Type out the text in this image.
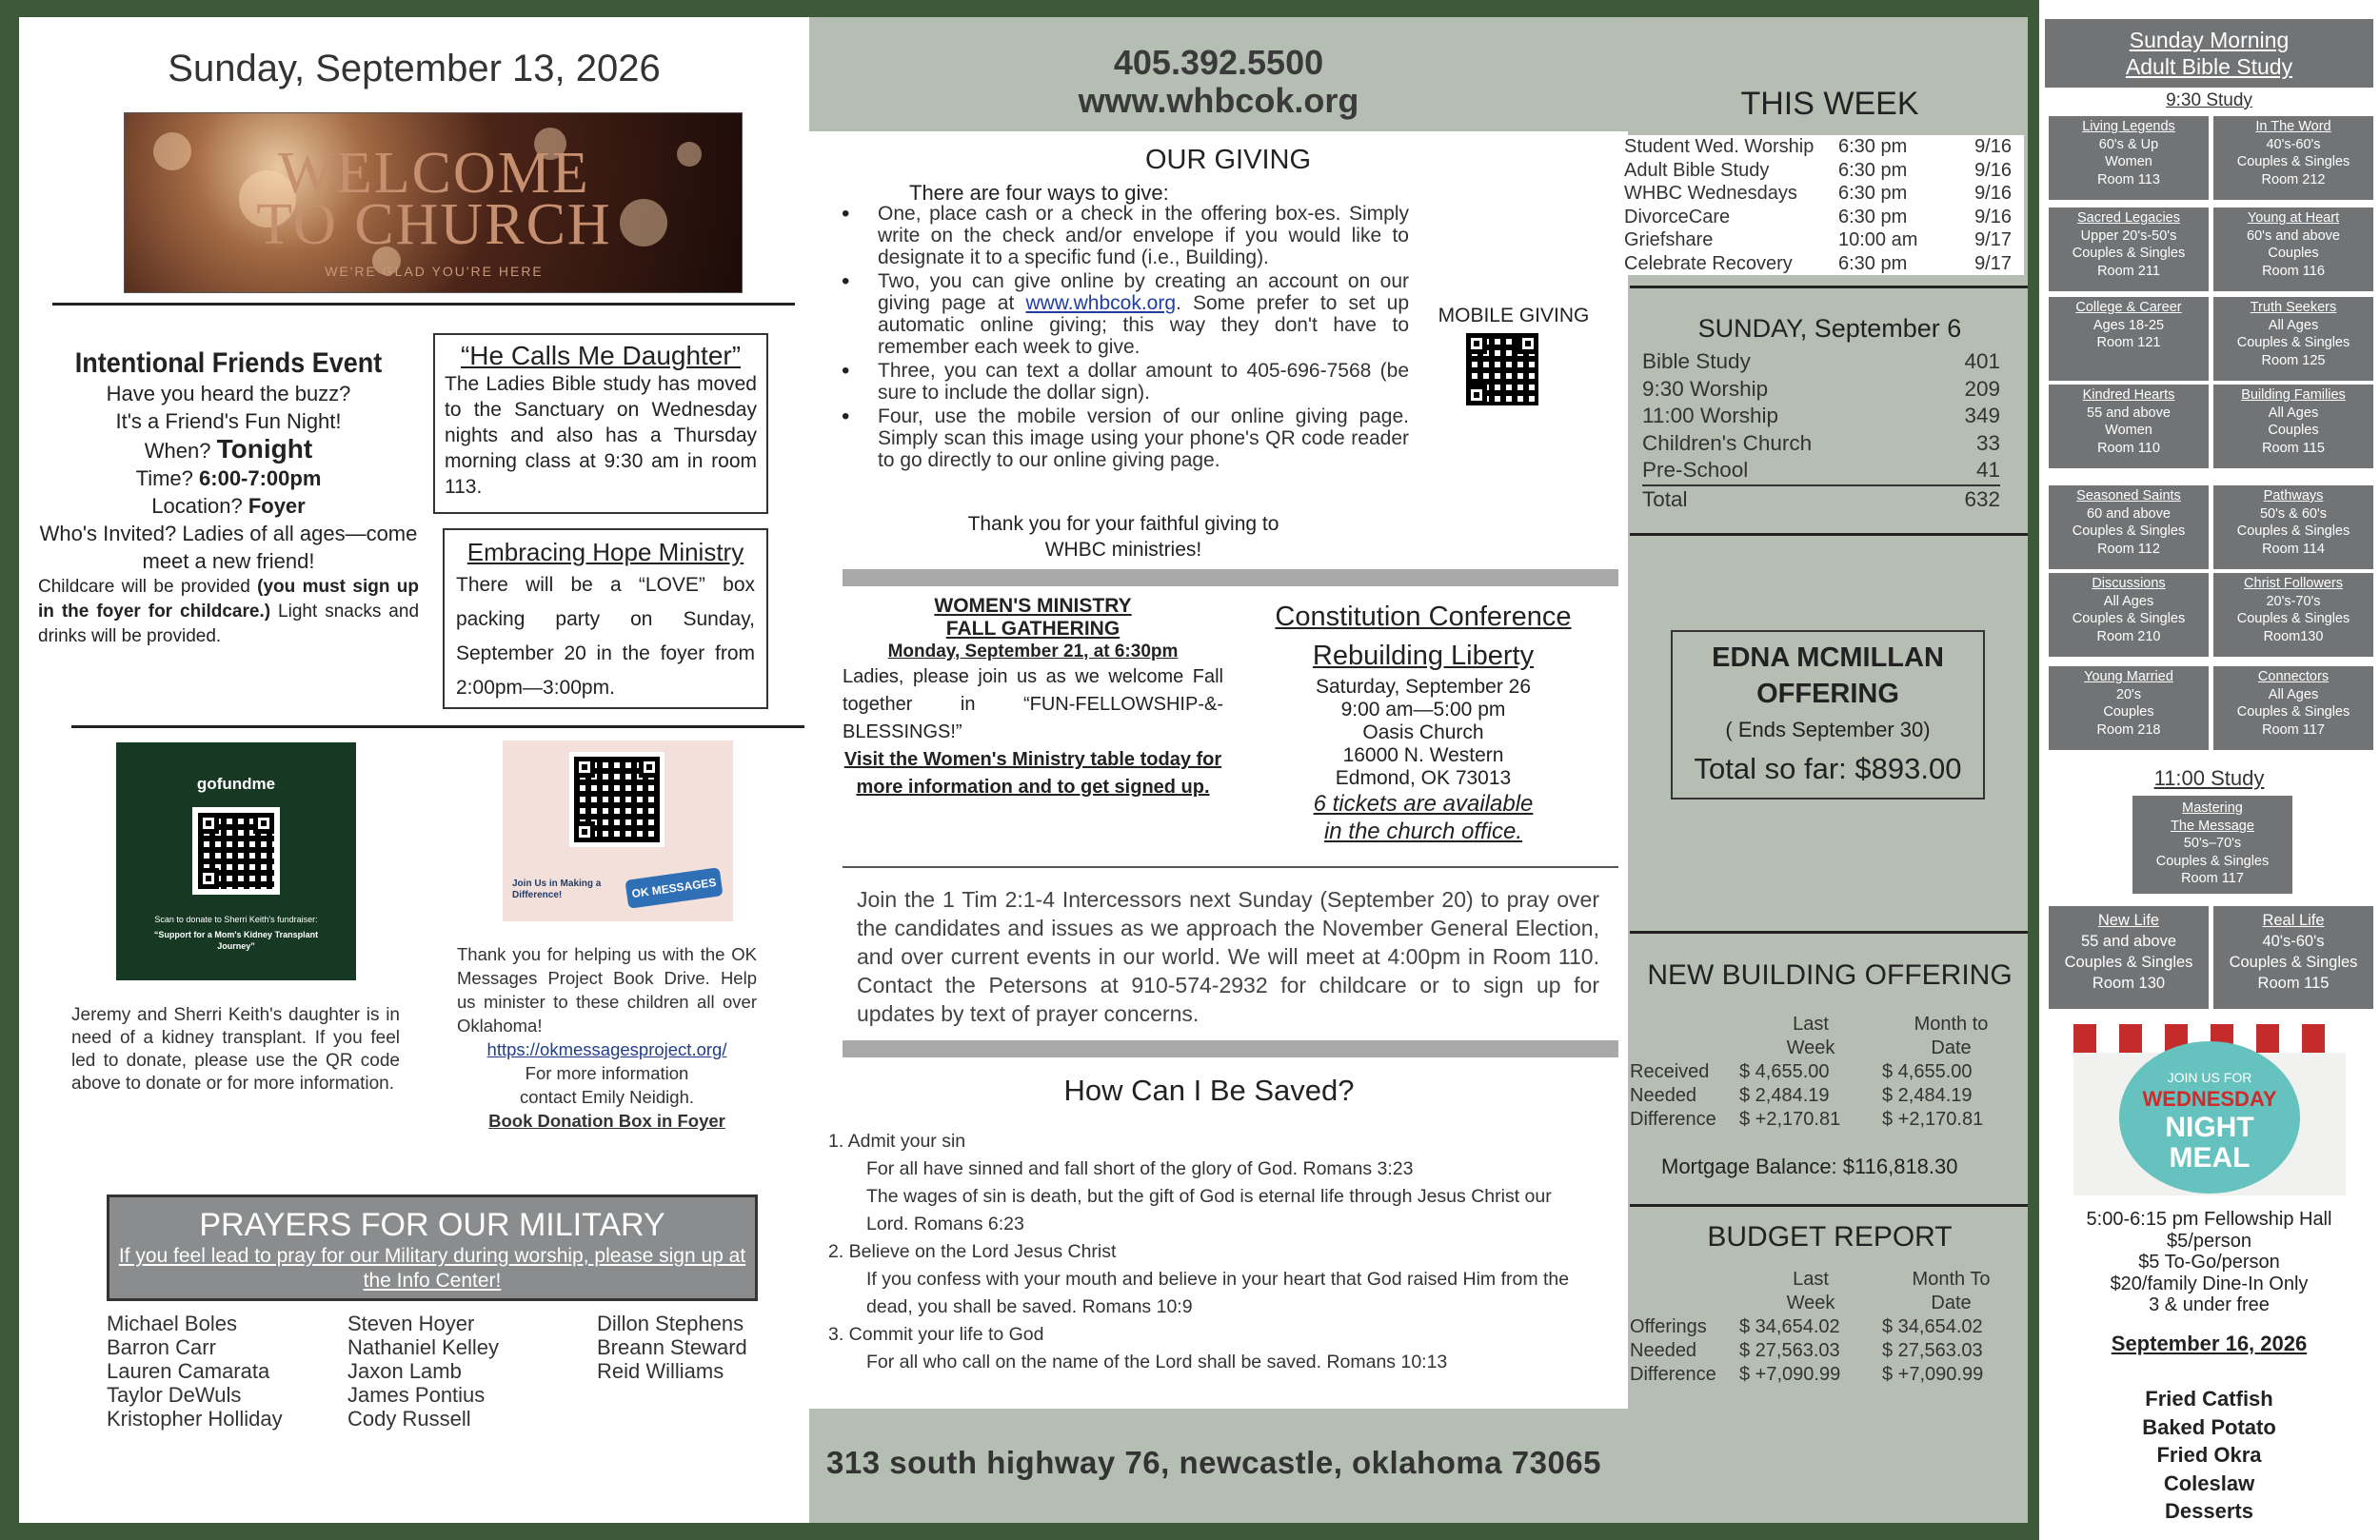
Sunday, September 13, 2026
WELCOME
TO CHURCH
WE'RE GLAD YOU'RE HERE
Intentional Friends Event
Have you heard the buzz?
It's a Friend's Fun Night!
When? Tonight
Time? 6:00-7:00pm
Location? Foyer
Who's Invited? Ladies of all ages—come meet a new friend!
Childcare will be provided (you must sign up in the foyer for childcare.) Light snacks and drinks will be provided.
“He Calls Me Daughter”
The Ladies Bible study has moved to the Sanctuary on Wednesday nights and also has a Thursday morning class at 9:30 am in room 113.
Embracing Hope Ministry
There will be a “LOVE” box packing party on Sunday, September 20 in the foyer from 2:00pm—3:00pm.
gofundme
Scan to donate to Sherri Keith's fundraiser:
“Support for a Mom's Kidney Transplant Journey”
Jeremy and Sherri Keith's daughter is in need of a kidney transplant. If you feel led to donate, please use the QR code above to donate or for more information.
Join Us in Making a Difference!	OK MESSAGES
Thank you for helping us with the OK Messages Project Book Drive. Help us minister to these children all over Oklahoma!
https://okmessagesproject.org/
For more information
contact Emily Neidigh.
Book Donation Box in Foyer
PRAYERS FOR OUR MILITARY
If you feel lead to pray for our Military during worship, please sign up at the Info Center!
Michael Boles
Barron Carr
Lauren Camarata
Taylor DeWuls
Kristopher Holliday
Steven Hoyer
Nathaniel Kelley
Jaxon Lamb
James Pontius
Cody Russell
Dillon Stephens
Breann Steward
Reid Williams
405.392.5500
www.whbcok.org
OUR GIVING
There are four ways to give:
• One, place cash or a check in the offering box-es. Simply write on the check and/or envelope if you would like to designate it to a specific fund (i.e., Building).
• Two, you can give online by creating an account on our giving page at www.whbcok.org. Some prefer to set up automatic online giving; this way they don't have to remember each week to give.
• Three, you can text a dollar amount to 405-696-7568 (be sure to include the dollar sign).
• Four, use the mobile version of our online giving page. Simply scan this image using your phone's QR code reader to go directly to our online giving page.
Thank you for your faithful giving to WHBC ministries!
MOBILE GIVING
WOMEN'S MINISTRY
FALL GATHERING
Monday, September 21, at 6:30pm
Ladies, please join us as we welcome Fall together in “FUN-FELLOWSHIP-&-BLESSINGS!”
Visit the Women's Ministry table today for more information and to get signed up.
Constitution Conference
Rebuilding Liberty
Saturday, September 26
9:00 am—5:00 pm
Oasis Church
16000 N. Western
Edmond, OK 73013
6 tickets are available
in the church office.
Join the 1 Tim 2:1-4 Intercessors next Sunday (September 20) to pray over the candidates and issues as we approach the November General Election, and over current events in our world. We will meet at 4:00pm in Room 110. Contact the Petersons at 910-574-2932 for childcare or to sign up for updates by text of prayer concerns.
How Can I Be Saved?
1. Admit your sin
For all have sinned and fall short of the glory of God. Romans 3:23
The wages of sin is death, but the gift of God is eternal life through Jesus Christ our Lord. Romans 6:23
2. Believe on the Lord Jesus Christ
If you confess with your mouth and believe in your heart that God raised Him from the dead, you shall be saved. Romans 10:9
3. Commit your life to God
For all who call on the name of the Lord shall be saved. Romans 10:13
313 south highway 76, newcastle, oklahoma 73065
THIS WEEK
Student Wed. Worship	6:30 pm	9/16
Adult Bible Study	6:30 pm	9/16
WHBC Wednesdays	6:30 pm	9/16
DivorceCare	6:30 pm	9/16
Griefshare	10:00 am	9/17
Celebrate Recovery	6:30 pm	9/17
SUNDAY, September 6
Bible Study	401
9:30 Worship	209
11:00 Worship	349
Children's Church	33
Pre-School	41
Total	632
EDNA MCMILLAN
OFFERING
( Ends September 30)
Total so far: $893.00
NEW BUILDING OFFERING
Last Week
Month to Date
Received	$ 4,655.00	$ 4,655.00
Needed	$ 2,484.19	$ 2,484.19
Difference	$ +2,170.81	$ +2,170.81
Mortgage Balance: $116,818.30
BUDGET REPORT
Last Week
Month To Date
Offerings	$ 34,654.02	$ 34,654.02
Needed	$ 27,563.03	$ 27,563.03
Difference	$ +7,090.99	$ +7,090.99
Sunday Morning
Adult Bible Study
9:30 Study
Living Legends
60's & Up
Women
Room 113
In The Word
40's-60's
Couples & Singles
Room 212
Sacred Legacies
Upper 20's-50's
Couples & Singles
Room 211
Young at Heart
60's and above
Couples
Room 116
College & Career
Ages 18-25
Room 121
Truth Seekers
All Ages
Couples & Singles
Room 125
Kindred Hearts
55 and above
Women
Room 110
Building Families
All Ages
Couples
Room 115
Seasoned Saints
60 and above
Couples & Singles
Room 112
Pathways
50's & 60's
Couples & Singles
Room 114
Discussions
All Ages
Couples & Singles
Room 210
Christ Followers
20's-70's
Couples & Singles
Room130
Young Married
20's
Couples
Room 218
Connectors
All Ages
Couples & Singles
Room 117
11:00 Study
Mastering
The Message
50's–70's
Couples & Singles
Room 117
New Life
55 and above
Couples & Singles
Room 130
Real Life
40's-60's
Couples & Singles
Room 115
JOIN US FOR
WEDNESDAY
NIGHT
MEAL
5:00-6:15 pm Fellowship Hall
$5/person
$5 To-Go/person
$20/family Dine-In Only
3 & under free
September 16, 2026
Fried Catfish
Baked Potato
Fried Okra
Coleslaw
Desserts
